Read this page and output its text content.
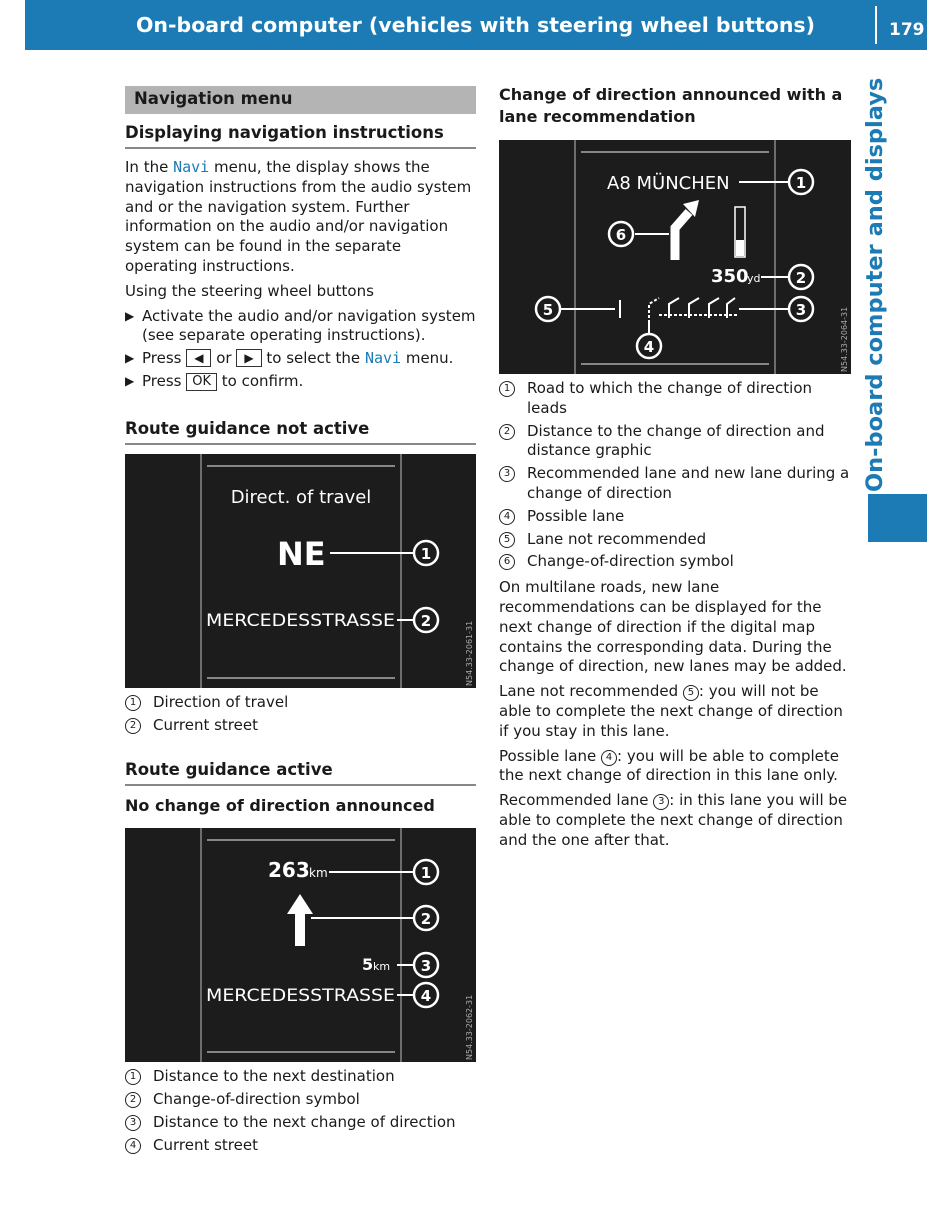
On-board computer (vehicles with steering wheel buttons)	179
On-board computer and displays
Navigation menu
Displaying navigation instructions

In the Navi menu, the display shows the navigation instructions from the audio system and or the navigation system. Further information on the audio and/or navigation system can be found in the separate operating instructions.

Using the steering wheel buttons

▶ Activate the audio and/or navigation system (see separate operating instructions).
▶ Press ◀ or ▶ to select the Navi menu.
▶ Press OK to confirm.
Route guidance not active
Direct. of travel
NE	1
MERCEDESSTRASSE 2	N54.33-2061-31
1	Direction of travel
2	Current street
Route guidance active
No change of direction announced
263 km	1
2
5 km 3
MERCEDESSTRASSE 4	N54.33-2062-31
1	Distance to the next destination
2	Change-of-direction symbol
3	Distance to the next change of direction
4	Current street
Change of direction announced with a lane recommendation
A8 MÜNCHEN	1
6
350
yd 2
5	3
4	N54.33-2064-31
1	Road to which the change of direction leads
2	Distance to the change of direction and distance graphic
3	Recommended lane and new lane during a change of direction
4	Possible lane
5	Lane not recommended
6	Change-of-direction symbol

On multilane roads, new lane recommendations can be displayed for the next change of direction if the digital map contains the corresponding data. During the change of direction, new lanes may be added.

Lane not recommended 5 : you will not be able to complete the next change of direction if you stay in this lane.

Possible lane 4 : you will be able to complete the next change of direction in this lane only.

Recommended lane 3 : in this lane you will be able to complete the next change of direction and the one after that.
